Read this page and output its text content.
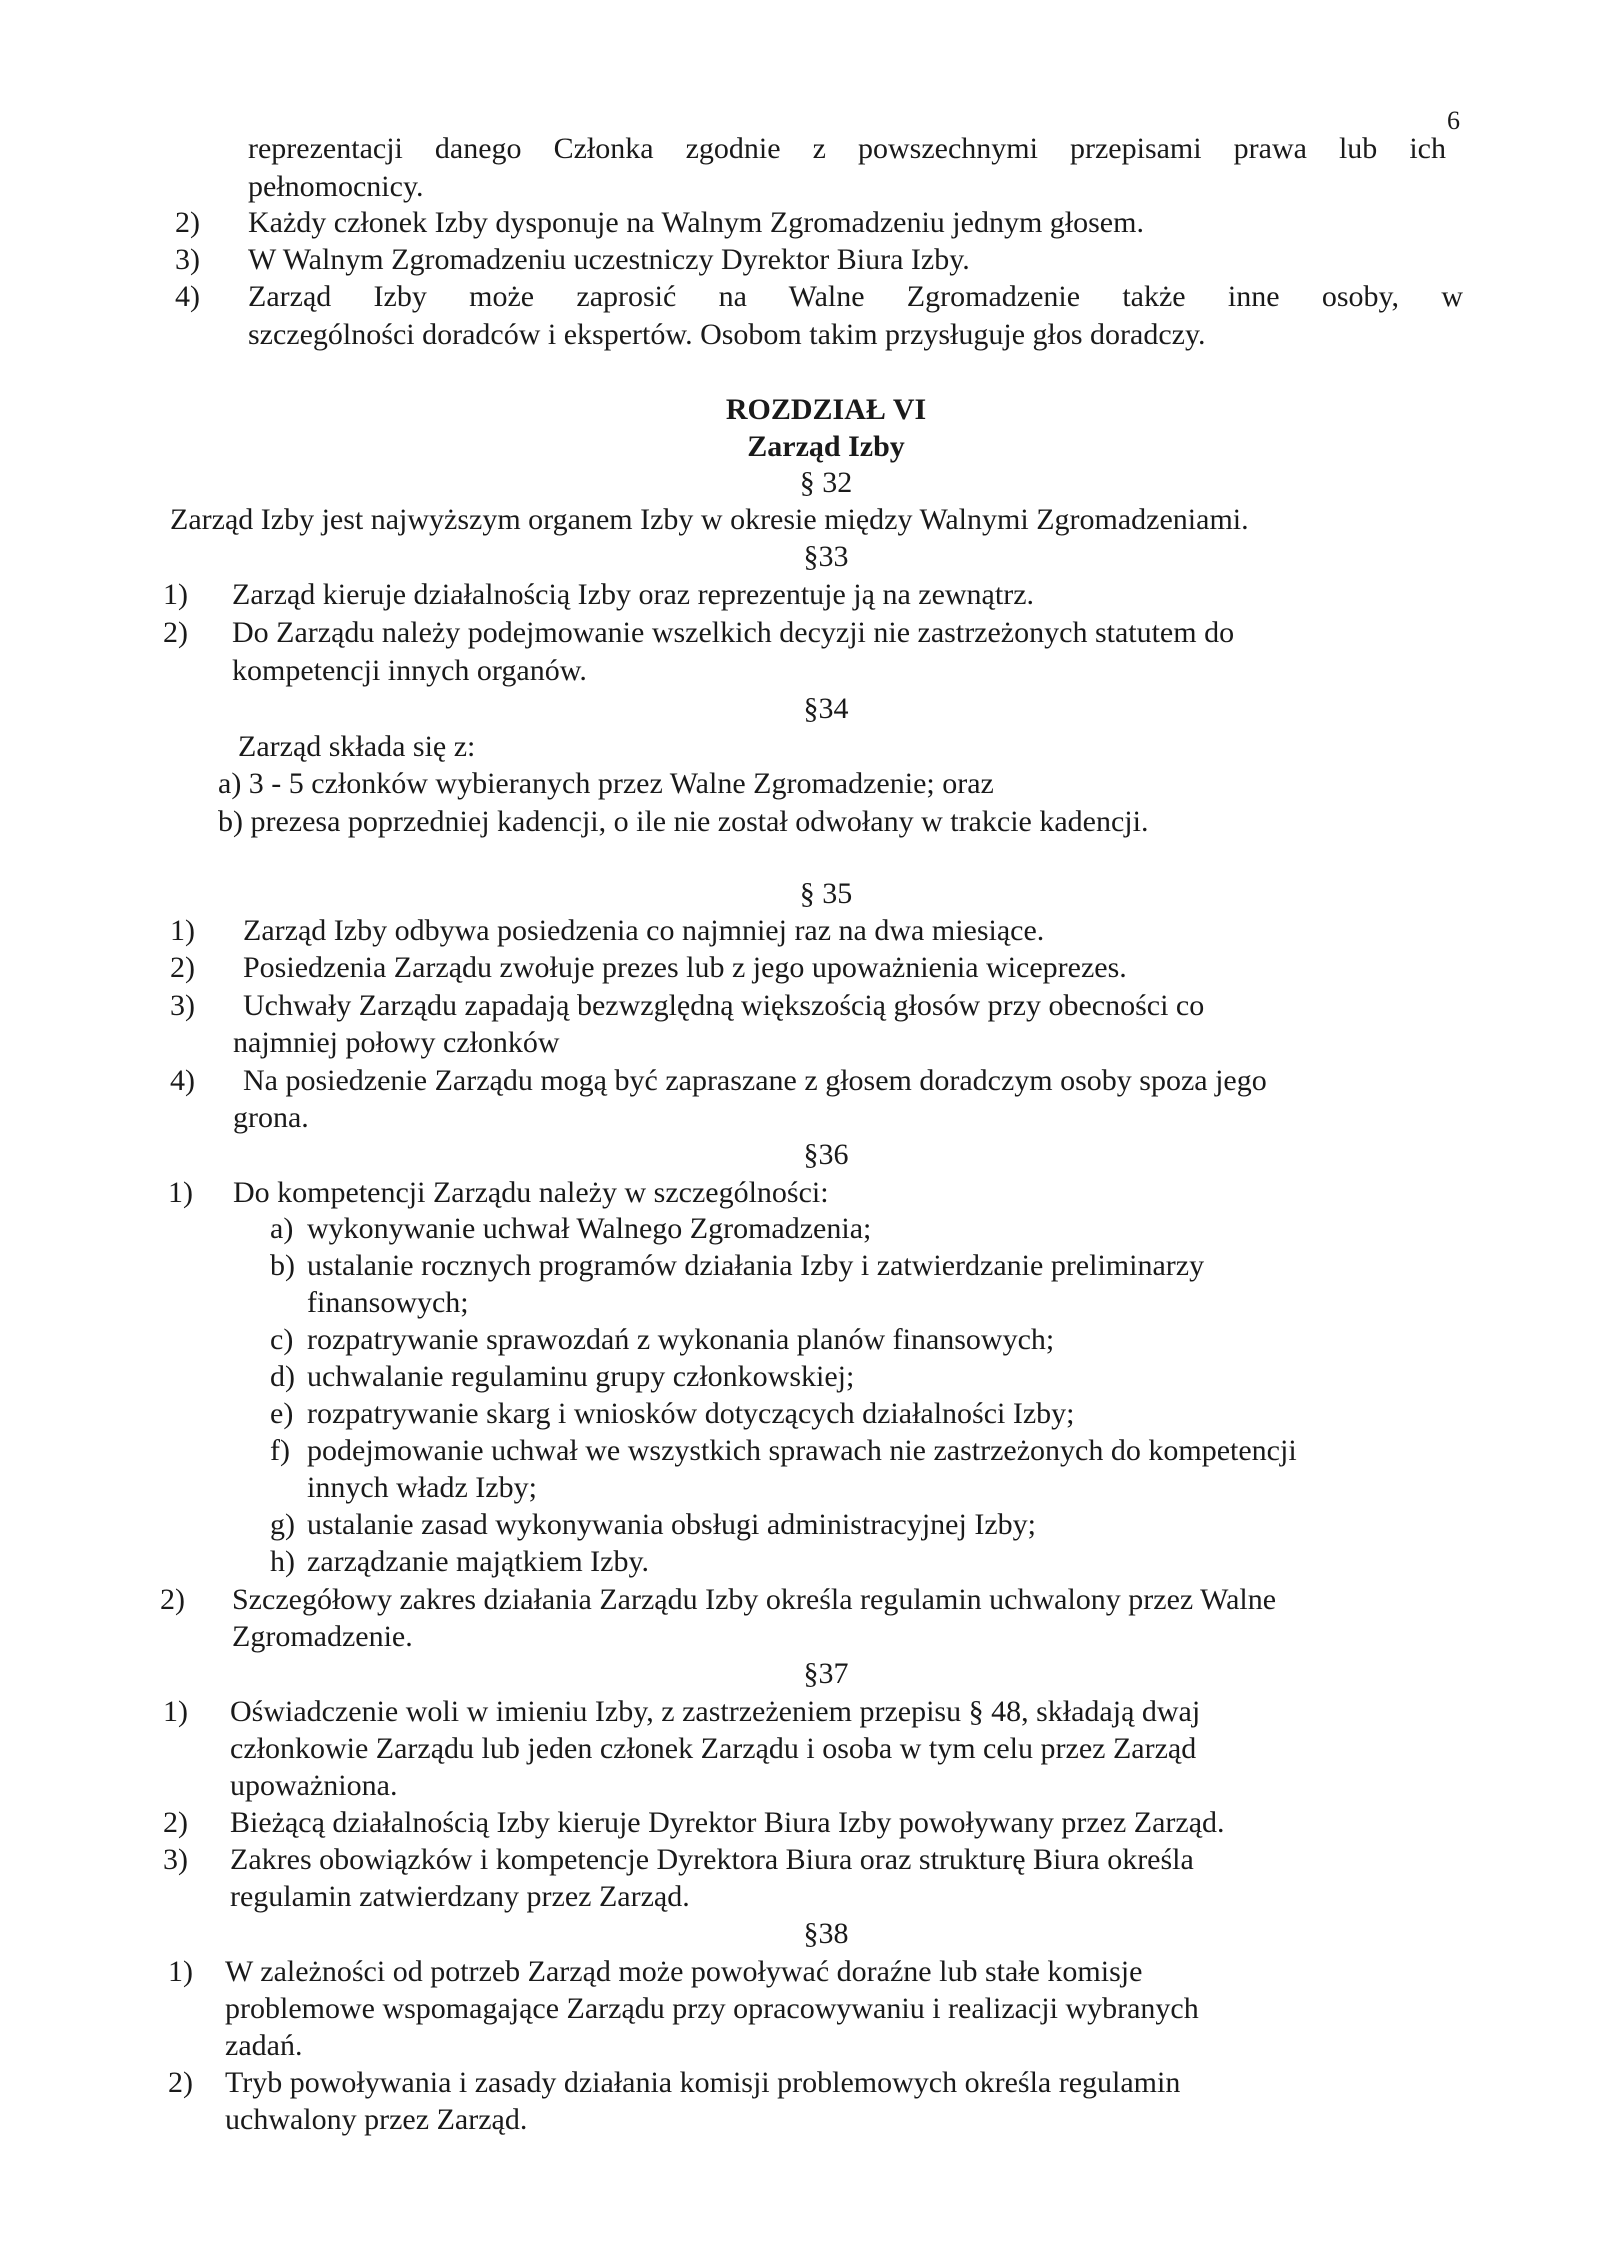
6
reprezentacji danego Członka zgodnie z powszechnymi przepisami prawa lub ich
pełnomocnicy.
2) Każdy członek Izby dysponuje na Walnym Zgromadzeniu jednym głosem.
3) W Walnym Zgromadzeniu uczestniczy Dyrektor Biura Izby.
4) Zarząd Izby może zaprosić na Walne Zgromadzenie także inne osoby, w
szczególności doradców i ekspertów. Osobom takim przysługuje głos doradczy.
ROZDZIAŁ VI
Zarząd Izby
§ 32
Zarząd Izby jest najwyższym organem Izby w okresie między Walnymi Zgromadzeniami.
§33
1) Zarząd kieruje działalnością Izby oraz reprezentuje ją na zewnątrz.
2) Do Zarządu należy podejmowanie wszelkich decyzji nie zastrzeżonych statutem do
kompetencji innych organów.
§34
Zarząd składa się z:
a) 3 - 5 członków wybieranych przez Walne Zgromadzenie; oraz
b) prezesa poprzedniej kadencji, o ile nie został odwołany w trakcie kadencji.
§ 35
1) Zarząd Izby odbywa posiedzenia co najmniej raz na dwa miesiące.
2) Posiedzenia Zarządu zwołuje prezes lub z jego upoważnienia wiceprezes.
3) Uchwały Zarządu zapadają bezwzględną większością głosów przy obecności co
najmniej połowy członków
4) Na posiedzenie Zarządu mogą być zapraszane z głosem doradczym osoby spoza jego
grona.
§36
1) Do kompetencji Zarządu należy w szczególności:
a) wykonywanie uchwał Walnego Zgromadzenia;
b) ustalanie rocznych programów działania Izby i zatwierdzanie preliminarzy
finansowych;
c) rozpatrywanie sprawozdań z wykonania planów finansowych;
d) uchwalanie regulaminu grupy członkowskiej;
e) rozpatrywanie skarg i wniosków dotyczących działalności Izby;
f) podejmowanie uchwał we wszystkich sprawach nie zastrzeżonych do kompetencji
innych władz Izby;
g) ustalanie zasad wykonywania obsługi administracyjnej Izby;
h) zarządzanie majątkiem Izby.
2) Szczegółowy zakres działania Zarządu Izby określa regulamin uchwalony przez Walne
Zgromadzenie.
§37
1) Oświadczenie woli w imieniu Izby, z zastrzeżeniem przepisu § 48, składają dwaj
członkowie Zarządu lub jeden członek Zarządu i osoba w tym celu przez Zarząd
upoważniona.
2) Bieżącą działalnością Izby kieruje Dyrektor Biura Izby powoływany przez Zarząd.
3) Zakres obowiązków i kompetencje Dyrektora Biura oraz strukturę Biura określa
regulamin zatwierdzany przez Zarząd.
§38
1) W zależności od potrzeb Zarząd może powoływać doraźne lub stałe komisje
problemowe wspomagające Zarządu przy opracowywaniu i realizacji wybranych
zadań.
2) Tryb powoływania i zasady działania komisji problemowych określa regulamin
uchwalony przez Zarząd.
